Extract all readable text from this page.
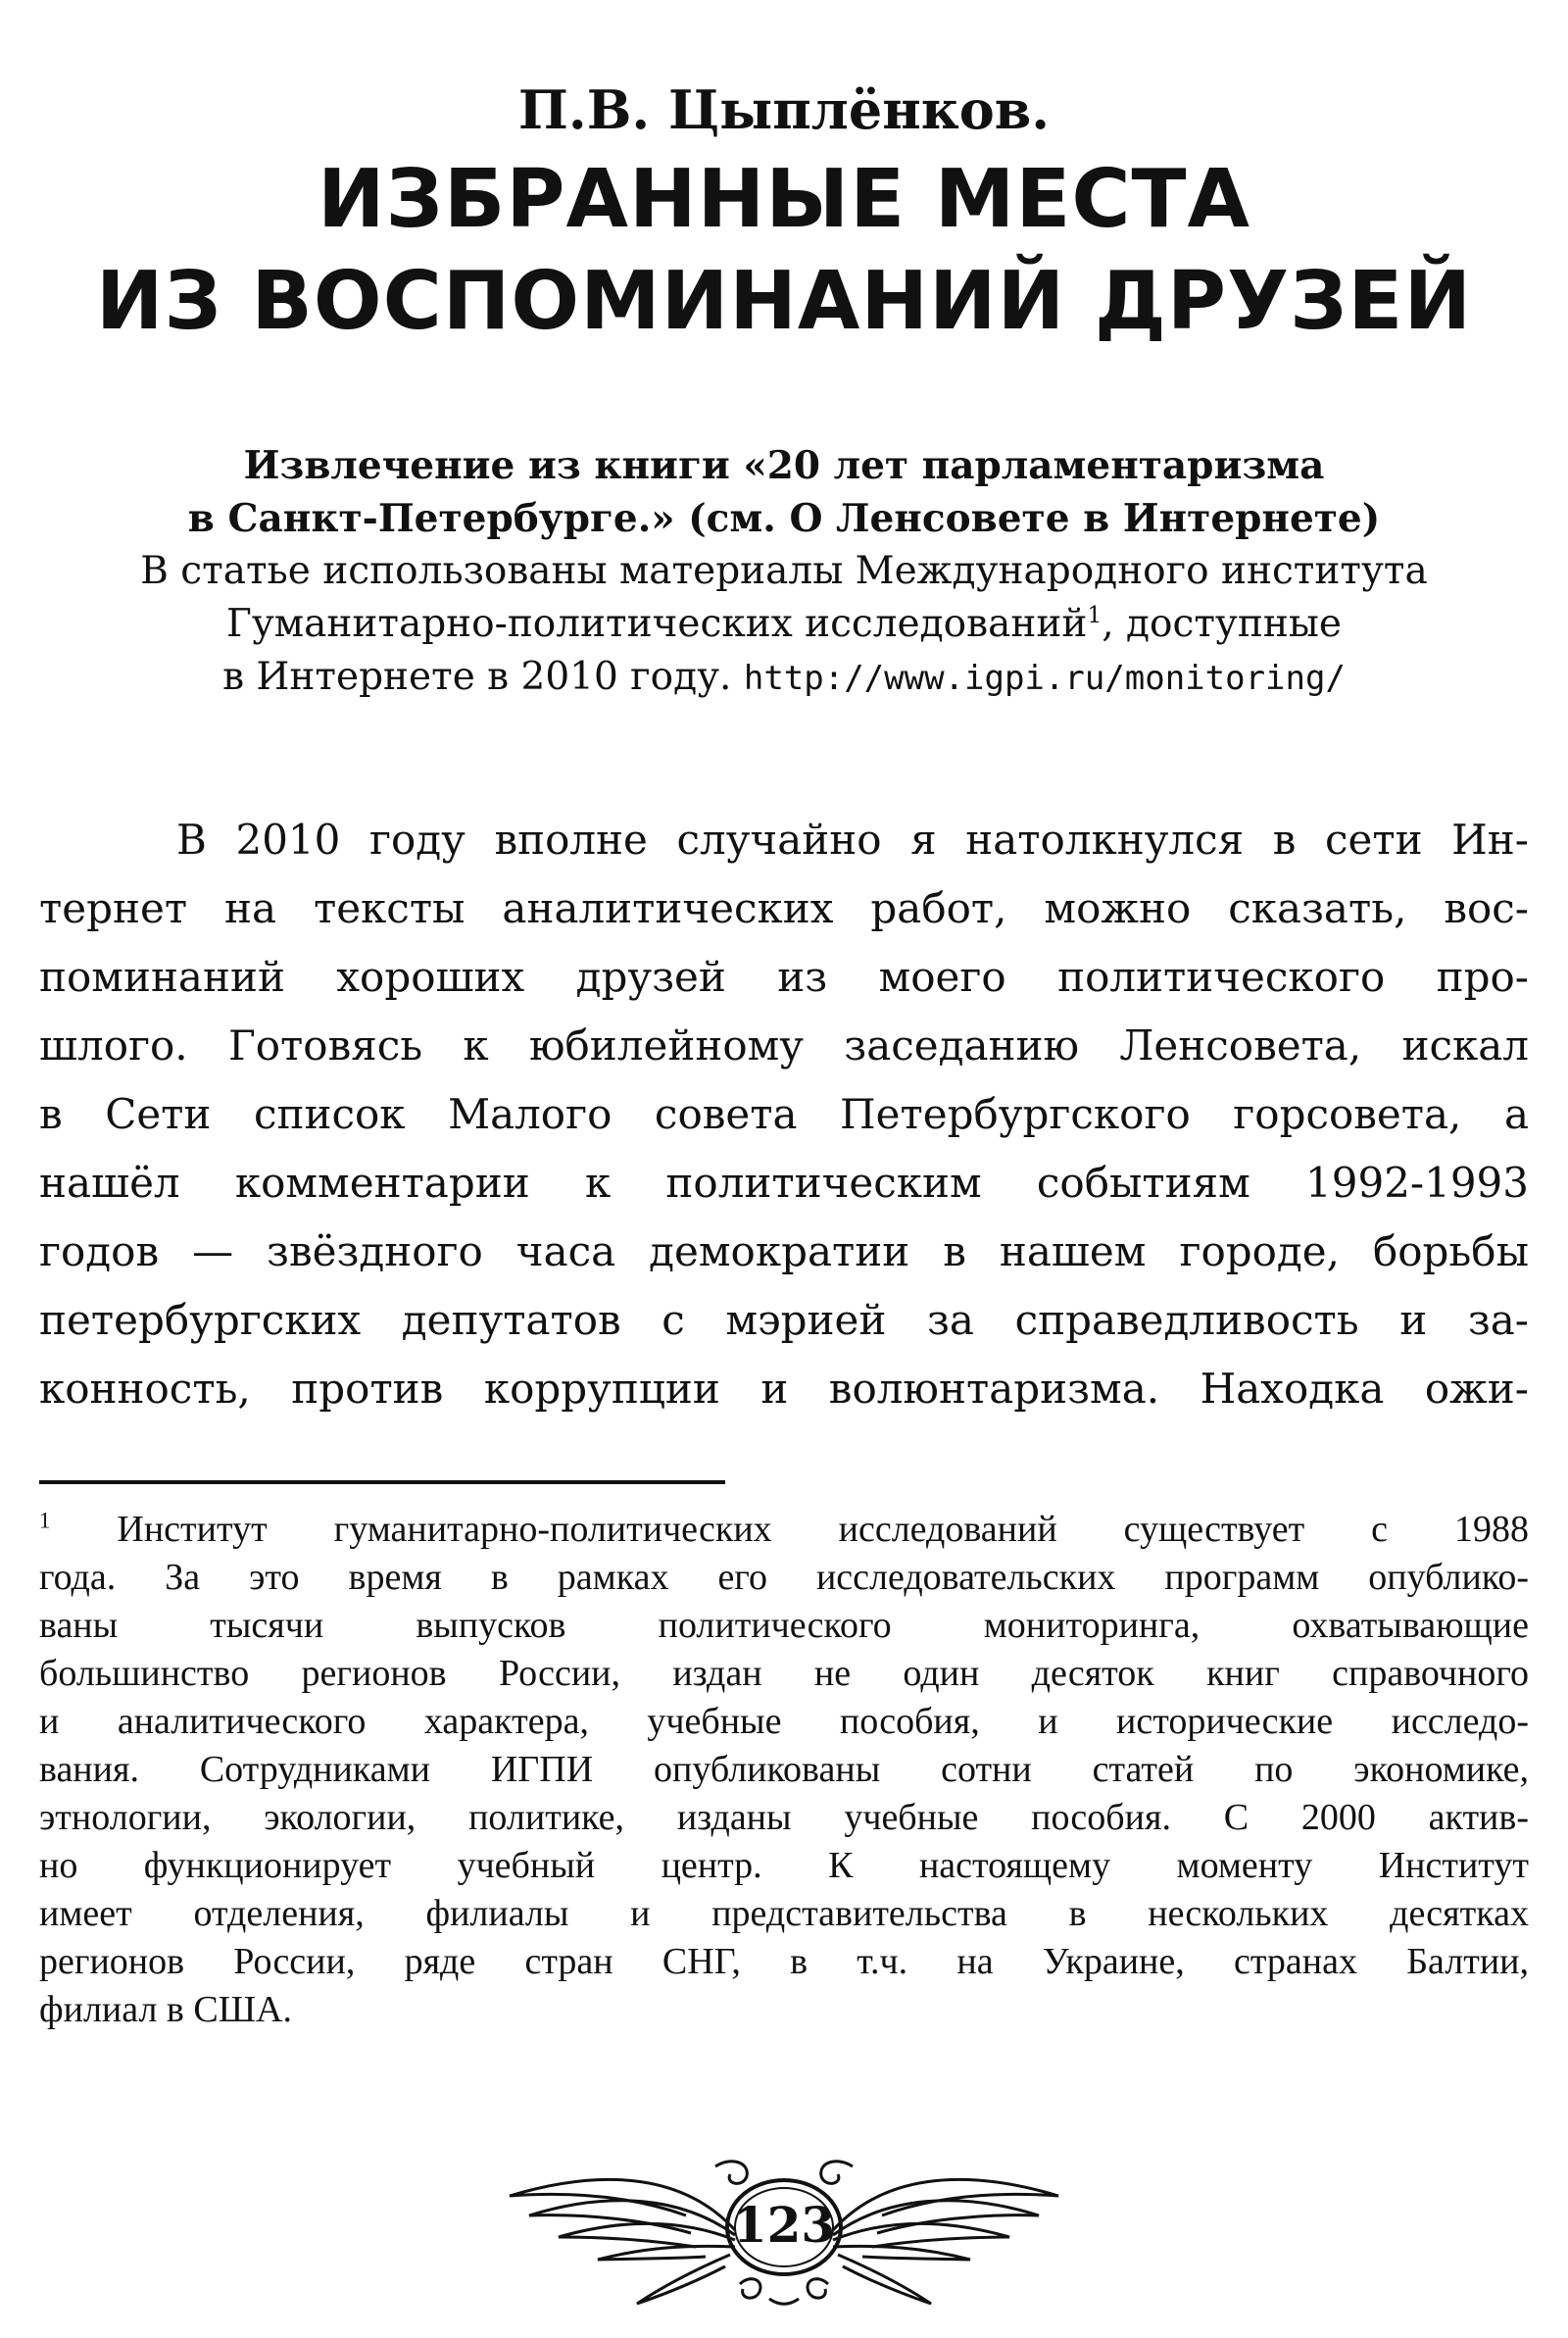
П.В. Цыплёнков.
ИЗБРАННЫЕ МЕСТА
ИЗ ВОСПОМИНАНИЙ ДРУЗЕЙ
Извлечение из книги «20 лет парламентаризма
в Санкт-Петербурге.» (см. О Ленсовете в Интернете)
В статье использованы материалы Международного института
Гуманитарно-политических исследований$^1$, доступные
в Интернете в 2010 году. http://www.igpi.ru/monitoring/
В 2010 году вполне случайно я натолкнулся в сети Ин-
тернет на тексты аналитических работ, можно сказать, вос-
поминаний хороших друзей из моего политического про-
шлого. Готовясь к юбилейному заседанию Ленсовета, искал
в Сети список Малого совета Петербургского горсовета, а
нашёл комментарии к политическим событиям 1992-1993
годов — звёздного часа демократии в нашем городе, борьбы
петербургских депутатов с мэрией за справедливость и за-
конность, против коррупции и волюнтаризма. Находка ожи-
$^1$ Институт гуманитарно-политических исследований существует с 1988
года. За это время в рамках его исследовательских программ опублико-
ваны тысячи выпусков политического мониторинга, охватывающие
большинство регионов России, издан не один десяток книг справочного
и аналитического характера, учебные пособия, и исторические исследо-
вания. Сотрудниками ИГПИ опубликованы сотни статей по экономике,
этнологии, экологии, политике, изданы учебные пособия. С 2000 актив-
но функционирует учебный центр. К настоящему моменту Институт
имеет отделения, филиалы и представительства в нескольких десятках
регионов России, ряде стран СНГ, в т.ч. на Украине, странах Балтии,
филиал в США.
123
